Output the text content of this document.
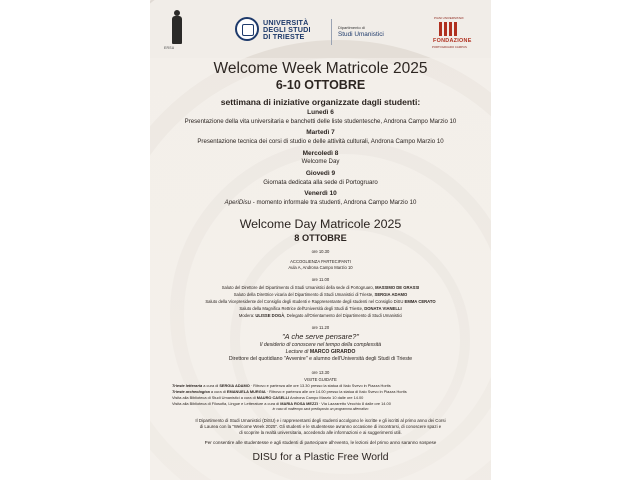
ERSU
UNIVERSITÀ
DEGLI STUDI
DI TRIESTE
Dipartimento di
Studi Umanistici
PIANI UNIVERSITARI
FONDAZIONE
PORTOGRUARO CAMPUS
Welcome Week Matricole 2025
6-10 OTTOBRE
settimana di iniziative organizzate dagli studenti:
Lunedì 6
Presentazione della vita universitaria e banchetti delle liste studentesche, Androna Campo Marzio 10
Martedì 7
Presentazione tecnica dei corsi di studio e delle attività culturali, Androna Campo Marzio 10
Mercoledì 8
Welcome Day
Giovedì 9
Giornata dedicata alla sede di Portogruaro
Venerdì 10
AperiDisu - momento informale tra studenti, Androna Campo Marzio 10
Welcome Day Matricole 2025
8 OTTOBRE
ore 10.30
ACCOGLIENZA PARTECIPANTI
Aula A, Androna Campo Marzio 10
ore 11.00
Saluto del Direttore del Dipartimento di Studi Umanistici della sede di Portogruaro, MASSIMO DE GRASSI
Saluto della Direttrice vicaria del Dipartimento di Studi Umanistici di Trieste, SERGIA ADAMO
Saluto della Vicepresidente del Consiglio degli studenti e Rappresentante degli studenti nel Consiglio DiSU EMMA CERATO
Saluto della Magnifica Rettrice dell'Università degli Studi di Trieste, DONATA VIANELLI
Modera: ULISSE DOGÀ, Delegato all'Orientamento del Dipartimento di Studi Umanistici
ore 11.20
"A che serve pensare?"
Il desiderio di conoscere nel tempo della complessità
Lecture di MARCO GIRARDO
Direttore del quotidiano "Avvenire" e alumno dell'Università degli Studi di Trieste
ore 13.30
VISITE GUIDATE
Trieste letteraria a cura di SERGIA ADAMO · Ritrovo e partenza alle ore 13.30 presso la statua di Italo Svevo in Piazza Hortis
Trieste archeologica a cura di EMANUELA MURGIA · Ritrovo e partenza alle ore 14.00 presso la statua di Italo Svevo in Piazza Hortis
Visita alla Biblioteca di Studi Umanistici a cura di MAURO CASELLI Androna Campo Marzio 10 dalle ore 14.00
Visita alla Biblioteca di Filosofia, Lingue e Letterature a cura di MARIA ROSA MEZZI · Via Lazzaretto Vecchio 8 dalle ore 14.00
in caso di maltempo sarà predisposto un programma alternativo
Il Dipartimento di Studi Umanistici (DiSU) e i rappresentanti degli studenti accolgono le iscritte e gli iscritti al primo anno dei Corsi
di Laurea con la "Welcome Week 2025". Gli studenti e le studentesse avranno occasione di incontrarsi, di conoscere spazi e
di scoprire la realtà universitaria, accedendo alle informazioni e ai suggerimenti utili.
Per consentire alle studentesse e agli studenti di partecipare all'evento, le lezioni del primo anno saranno sospese
DISU for a Plastic Free World
